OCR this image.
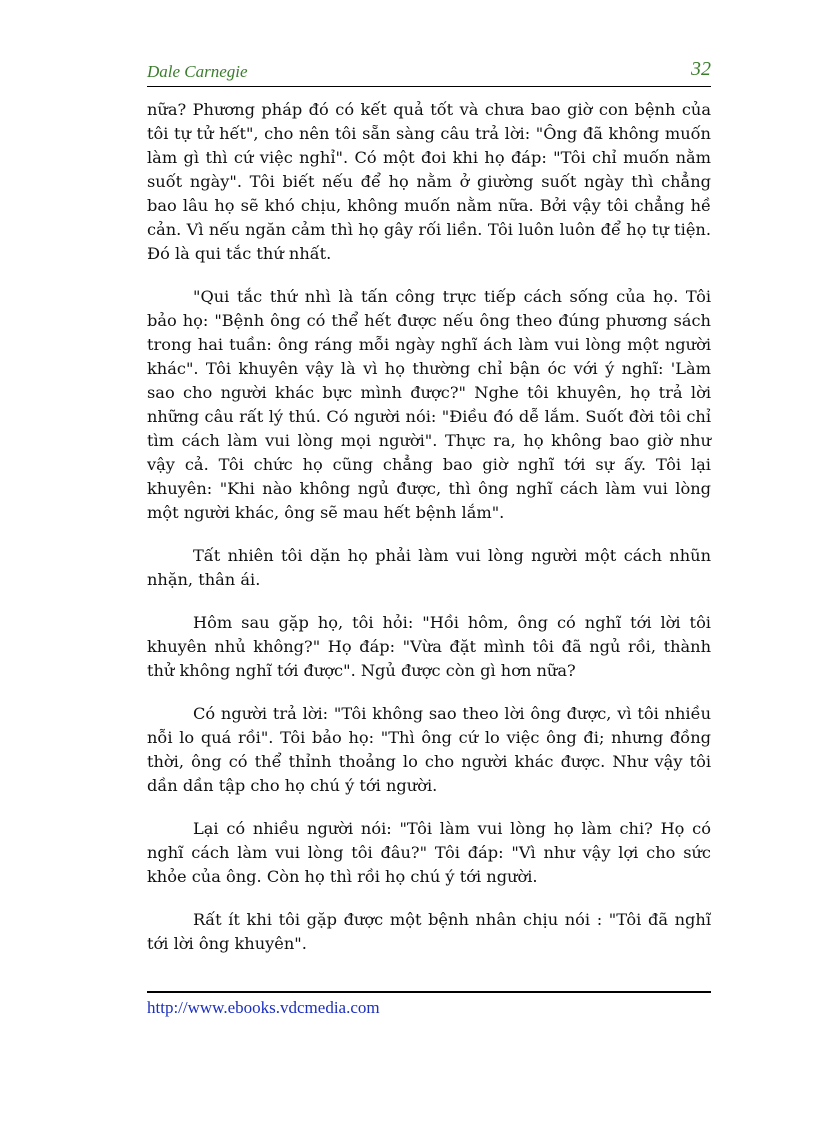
Dale Carnegie	32

nữa? Phương pháp đó có kết quả tốt và chưa bao giờ con bệnh của tôi tự tử hết", cho nên tôi sẵn sàng câu trả lời: "Ông đã không muốn làm gì thì cứ việc nghỉ". Có một đoi khi họ đáp: "Tôi chỉ muốn nằm suốt ngày". Tôi biết nếu để họ nằm ở giường suốt ngày thì chẳng bao lâu họ sẽ khó chịu, không muốn nằm nữa. Bởi vậy tôi chẳng hề cản. Vì nếu ngăn cảm thì họ gây rối liền. Tôi luôn luôn để họ tự tiện. Đó là qui tắc thứ nhất.

"Qui tắc thứ nhì là tấn công trực tiếp cách sống của họ. Tôi bảo họ: "Bệnh ông có thể hết được nếu ông theo đúng phương sách trong hai tuần: ông ráng mỗi ngày nghĩ ách làm vui lòng một người khác". Tôi khuyên vậy là vì họ thường chỉ bận óc với ý nghĩ: 'Làm sao cho người khác bực mình được?" Nghe tôi khuyên, họ trả lời những câu rất lý thú. Có người nói: "Điều đó dễ lắm. Suốt đời tôi chỉ tìm cách làm vui lòng mọi người". Thực ra, họ không bao giờ như vậy cả. Tôi chức họ cũng chẳng bao giờ nghĩ tới sự ấy. Tôi lại khuyên: "Khi nào không ngủ được, thì ông nghĩ cách làm vui lòng một người khác, ông sẽ mau hết bệnh lắm".

Tất nhiên tôi dặn họ phải làm vui lòng người một cách nhũn nhặn, thân ái.

Hôm sau gặp họ, tôi hỏi: "Hồi hôm, ông có nghĩ tới lời tôi khuyên nhủ không?" Họ đáp: "Vừa đặt mình tôi đã ngủ rồi, thành thử không nghĩ tới được". Ngủ được còn gì hơn nữa?

Có người trả lời: "Tôi không sao theo lời ông được, vì tôi nhiều nỗi lo quá rồi". Tôi bảo họ: "Thì ông cứ lo việc ông đi; nhưng đồng thời, ông có thể thỉnh thoảng lo cho người khác được. Như vậy tôi dần dần tập cho họ chú ý tới người.

Lại có nhiều người nói: "Tôi làm vui lòng họ làm chi? Họ có nghĩ cách làm vui lòng tôi đâu?" Tôi đáp: "Vì như vậy lợi cho sức khỏe của ông. Còn họ thì rồi họ chú ý tới người.

Rất ít khi tôi gặp được một bệnh nhân chịu nói : "Tôi đã nghĩ tới lời ông khuyên".

http://www.ebooks.vdcmedia.com
